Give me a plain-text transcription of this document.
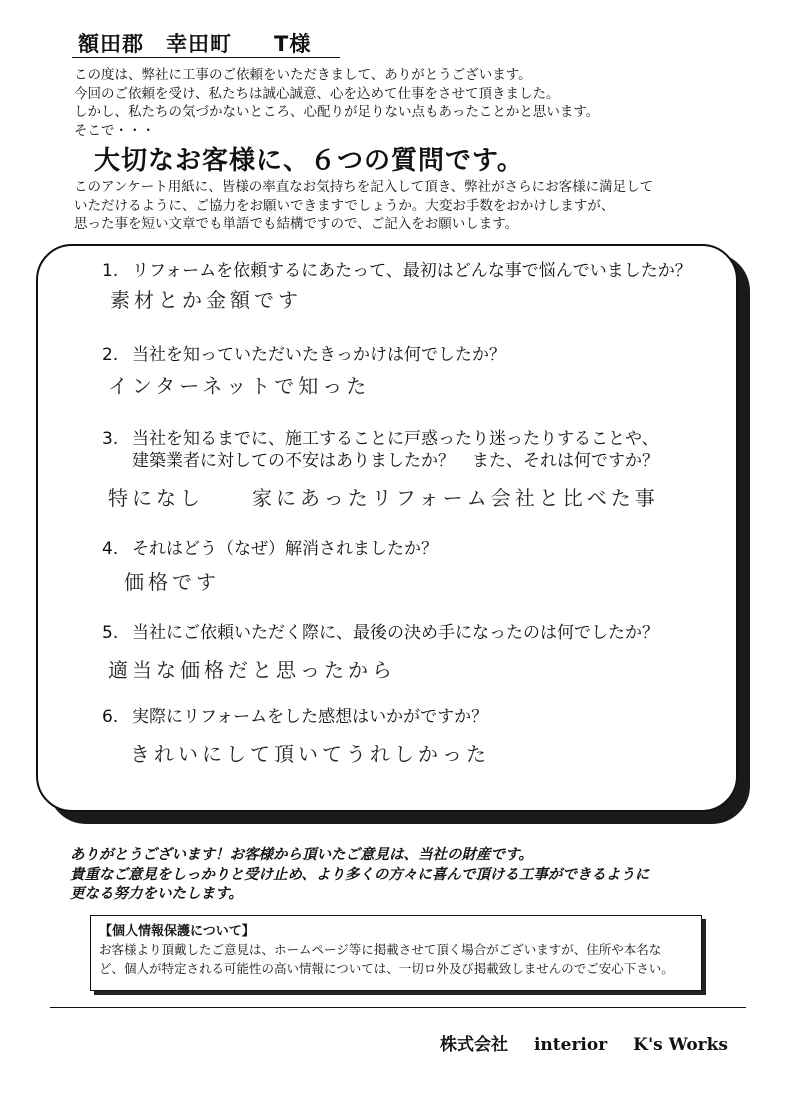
額田郡 幸田町 T様
この度は、弊社に工事のご依頼をいただきまして、ありがとうございます。
今回のご依頼を受け、私たちは誠心誠意、心を込めて仕事をさせて頂きました。
しかし、私たちの気づかないところ、心配りが足りない点もあったことかと思います。
そこで・・・
大切なお客様に、６つの質問です。
このアンケート用紙に、皆様の率直なお気持ちを記入して頂き、弊社がさらにお客様に満足して
いただけるように、ご協力をお願いできますでしょうか。大変お手数をおかけしますが、
思った事を短い文章でも単語でも結構ですので、ご記入をお願いします。
1. リフォームを依頼するにあたって、最初はどんな事で悩んでいましたか？
素材とか金額です
2. 当社を知っていただいたきっかけは何でしたか？
インターネットで知った
3. 当社を知るまでに、施工することに戸惑ったり迷ったりすることや、
建築業者に対しての不安はありましたか？　また、それは何ですか？
特になし　　家にあったリフォーム会社と比べた事
4. それはどう（なぜ）解消されましたか？
価格です
5. 当社にご依頼いただく際に、最後の決め手になったのは何でしたか？
適当な価格だと思ったから
6. 実際にリフォームをした感想はいかがですか？
きれいにして頂いてうれしかった
ありがとうございます！お客様から頂いたご意見は、当社の財産です。
貴重なご意見をしっかりと受け止め、より多くの方々に喜んで頂ける工事ができるように
更なる努力をいたします。
【個人情報保護について】
お客様より頂戴したご意見は、ホームページ等に掲載させて頂く場合がございますが、住所や本名な
ど、個人が特定される可能性の高い情報については、一切ロ外及び掲載致しませんのでご安心下さい。
株式会社 interior K's Works
